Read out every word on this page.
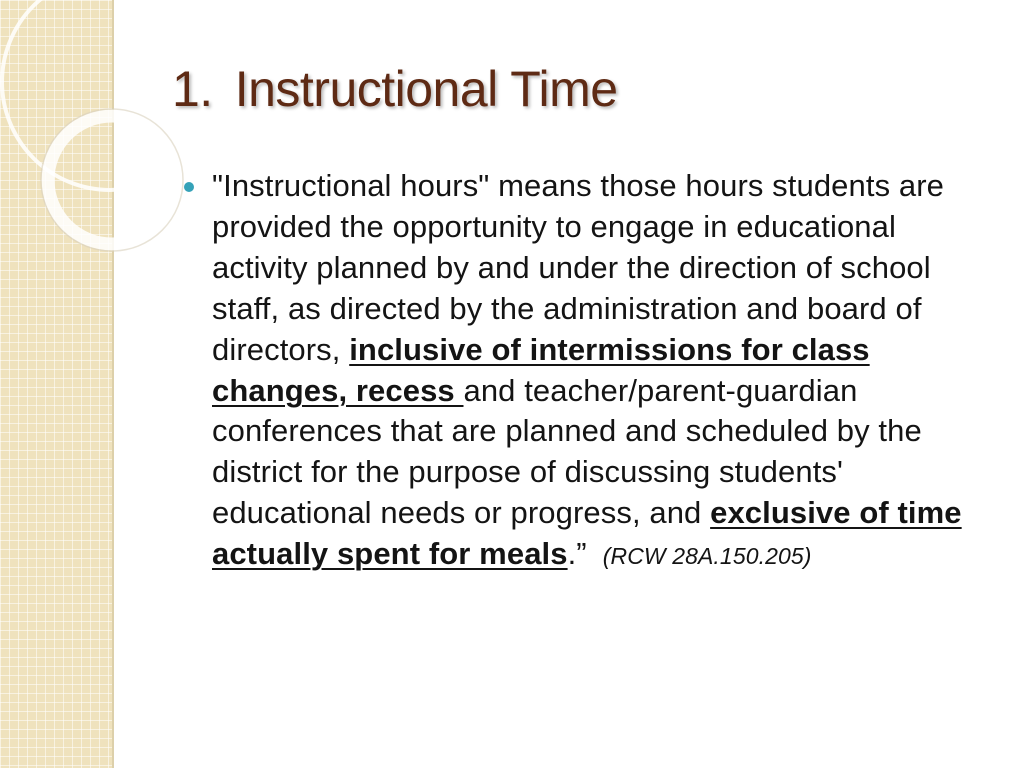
1. Instructional Time
"Instructional hours" means those hours students are provided the opportunity to engage in educational activity planned by and under the direction of school staff, as directed by the administration and board of directors, inclusive of intermissions for class changes, recess and teacher/parent-guardian conferences that are planned and scheduled by the district for the purpose of discussing students' educational needs or progress, and exclusive of time actually spent for meals.” (RCW 28A.150.205)
